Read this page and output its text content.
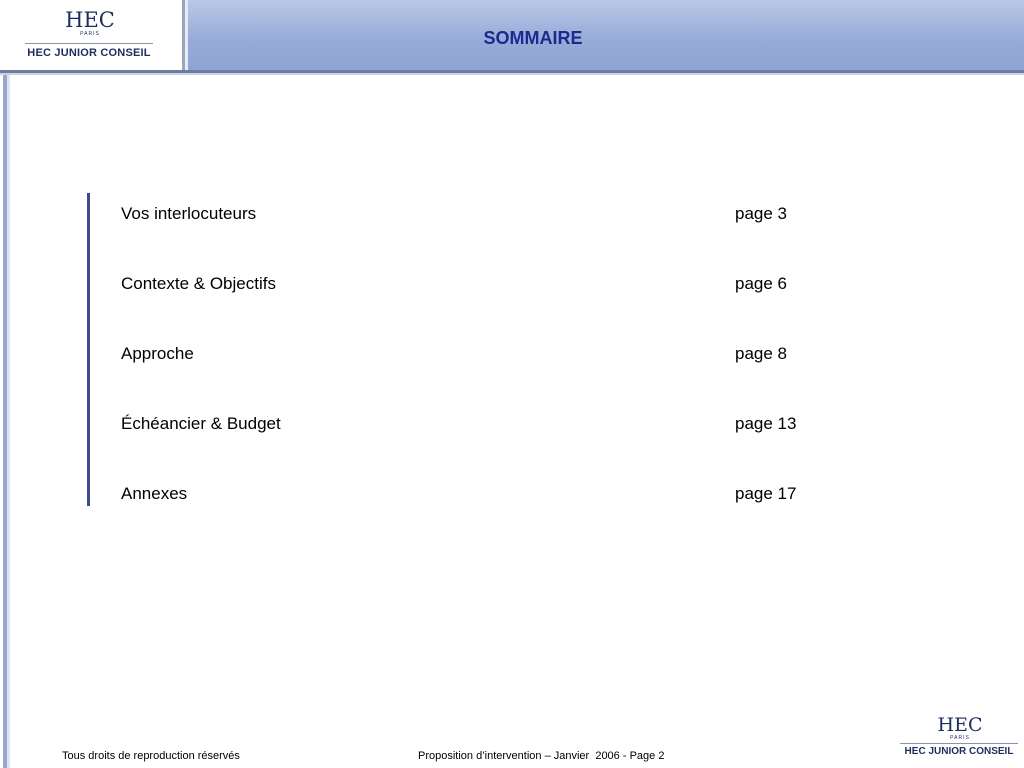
HEC
PARIS
HEC JUNIOR CONSEIL
SOMMAIRE
Vos interlocuteurs	page 3
Contexte & Objectifs	page 6
Approche	page 8
Échéancier & Budget	page 13
Annexes	page 17
Tous droits de reproduction réservés	Proposition d’intervention – Janvier  2006 - Page 2
HEC
PARIS
HEC JUNIOR CONSEIL
